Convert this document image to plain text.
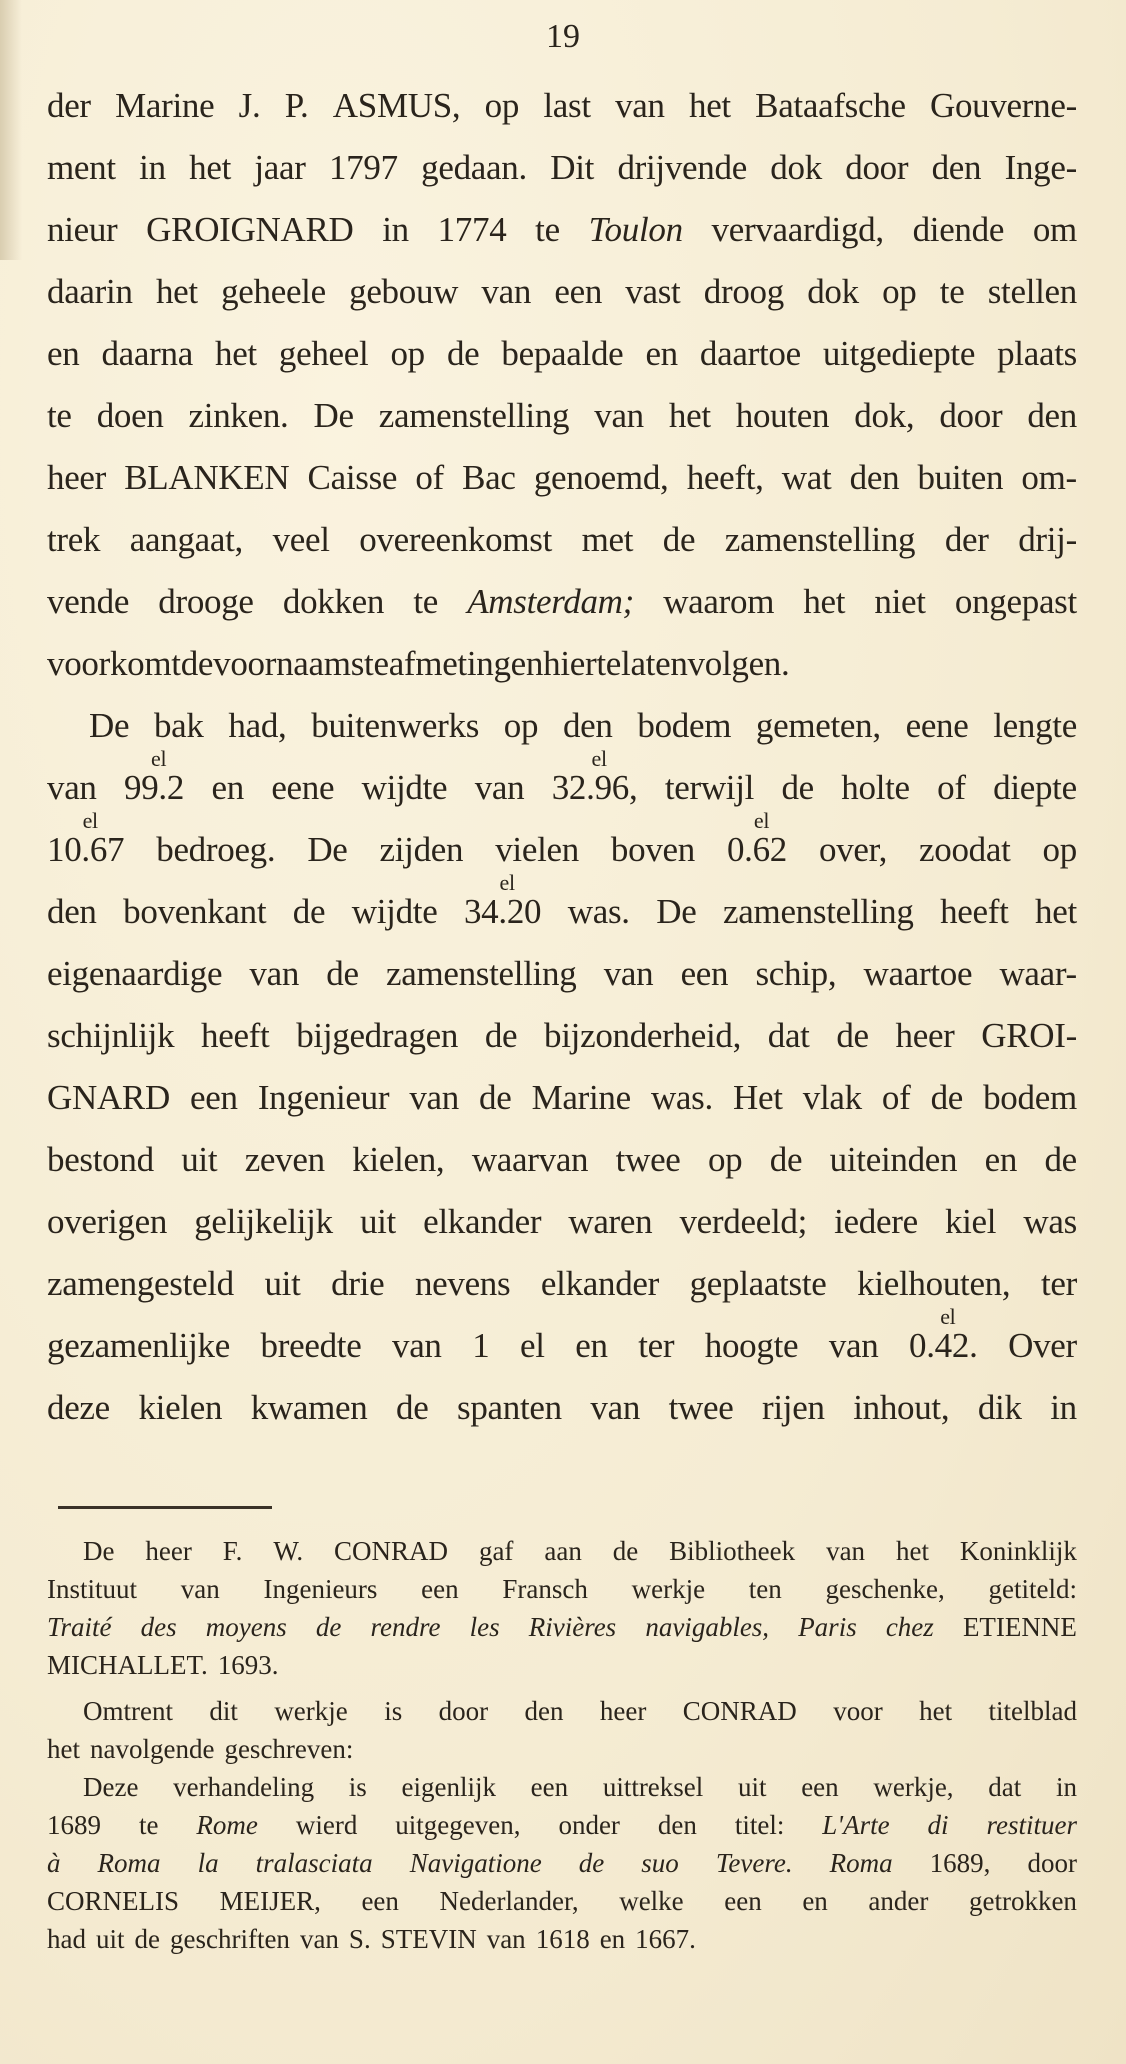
19
der Marine J. P. ASMUS, op last van het Bataafsche Gouverne-
ment in het jaar 1797 gedaan. Dit drijvende dok door den Inge-
nieur GROIGNARD in 1774 te Toulon vervaardigd, diende om
daarin het geheele gebouw van een vast droog dok op te stellen
en daarna het geheel op de bepaalde en daartoe uitgediepte plaats
te doen zinken. De zamenstelling van het houten dok, door den
heer BLANKEN Caisse of Bac genoemd, heeft, wat den buiten om-
trek aangaat, veel overeenkomst met de zamenstelling der drij-
vende drooge dokken te Amsterdam; waarom het niet ongepast
voorkomt de voornaamste afmetingen hier te laten volgen.
De bak had, buitenwerks op den bodem gemeten, eene lengte
van 99.2
el
en eene wijdte van 32.96,
el
terwijl de holte of diepte
10.67
el
bedroeg. De zijden vielen boven 0.62
el
over, zoodat op
den bovenkant de wijdte 34.20
el
was. De zamenstelling heeft het
eigenaardige van de zamenstelling van een schip, waartoe waar-
schijnlijk heeft bijgedragen de bijzonderheid, dat de heer GROI-
GNARD een Ingenieur van de Marine was. Het vlak of de bodem
bestond uit zeven kielen, waarvan twee op de uiteinden en de
overigen gelijkelijk uit elkander waren verdeeld; iedere kiel was
zamengesteld uit drie nevens elkander geplaatste kielhouten, ter
gezamenlijke breedte van 1 el en ter hoogte van 0.42.
el
Over
deze kielen kwamen de spanten van twee rijen inhout, dik in
De heer F. W. CONRAD gaf aan de Bibliotheek van het Koninklijk
Instituut van Ingenieurs een Fransch werkje ten geschenke, getiteld:
Traité des moyens de rendre les Rivières navigables, Paris chez ETIENNE
MICHALLET. 1693.
Omtrent dit werkje is door den heer CONRAD voor het titelblad
het navolgende geschreven:
Deze verhandeling is eigenlijk een uittreksel uit een werkje, dat in
1689 te Rome wierd uitgegeven, onder den titel: L'Arte di restituer
à Roma la tralasciata Navigatione de suo Tevere. Roma 1689, door
CORNELIS MEIJER, een Nederlander, welke een en ander getrokken
had uit de geschriften van S. STEVIN van 1618 en 1667.
